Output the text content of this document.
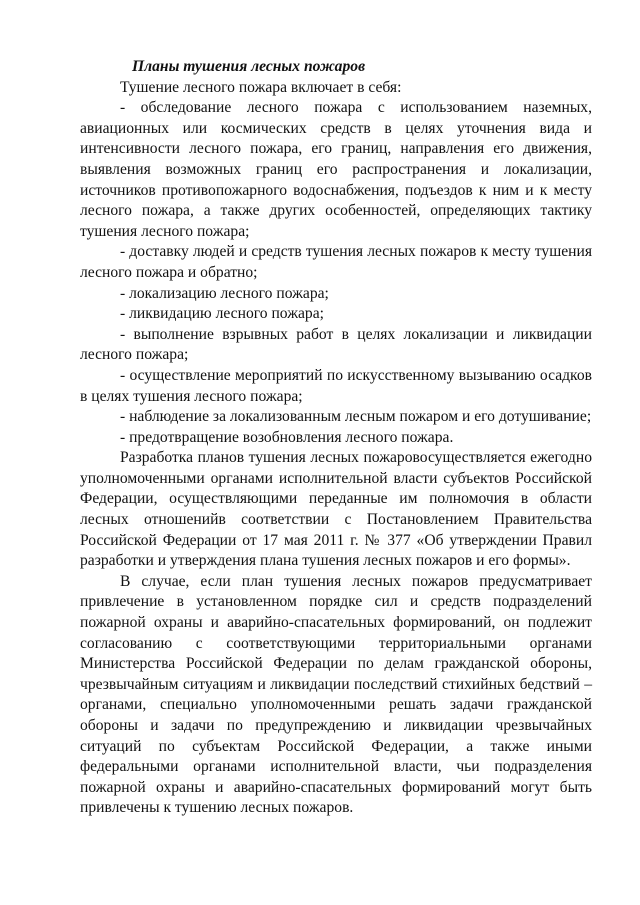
Планы тушения лесных пожаров

Тушение лесного пожара включает в себя:

- обследование лесного пожара с использованием наземных, авиационных или космических средств в целях уточнения вида и интенсивности лесного пожара, его границ, направления его движения, выявления возможных границ его распространения и локализации, источников противопожарного водоснабжения, подъездов к ним и к месту лесного пожара, а также других особенностей, определяющих тактику тушения лесного пожара;

- доставку людей и средств тушения лесных пожаров к месту тушения лесного пожара и обратно;

- локализацию лесного пожара;

- ликвидацию лесного пожара;

- выполнение взрывных работ в целях локализации и ликвидации лесного пожара;

- осуществление мероприятий по искусственному вызыванию осадков в целях тушения лесного пожара;

- наблюдение за локализованным лесным пожаром и его дотушивание;

- предотвращение возобновления лесного пожара.

Разработка планов тушения лесных пожаровосуществляется ежегодно уполномоченными органами исполнительной власти субъектов Российской Федерации, осуществляющими переданные им полномочия в области лесных отношенийв соответствии с Постановлением Правительства Российской Федерации от 17 мая 2011 г. № 377 «Об утверждении Правил разработки и утверждения плана тушения лесных пожаров и его формы».

В случае, если план тушения лесных пожаров предусматривает привлечение в установленном порядке сил и средств подразделений пожарной охраны и аварийно-спасательных формирований, он подлежит согласованию с соответствующими территориальными органами Министерства Российской Федерации по делам гражданской обороны, чрезвычайным ситуациям и ликвидации последствий стихийных бедствий – органами, специально уполномоченными решать задачи гражданской обороны и задачи по предупреждению и ликвидации чрезвычайных ситуаций по субъектам Российской Федерации, а также иными федеральными органами исполнительной власти, чьи подразделения пожарной охраны и аварийно-спасательных формирований могут быть привлечены к тушению лесных пожаров.
